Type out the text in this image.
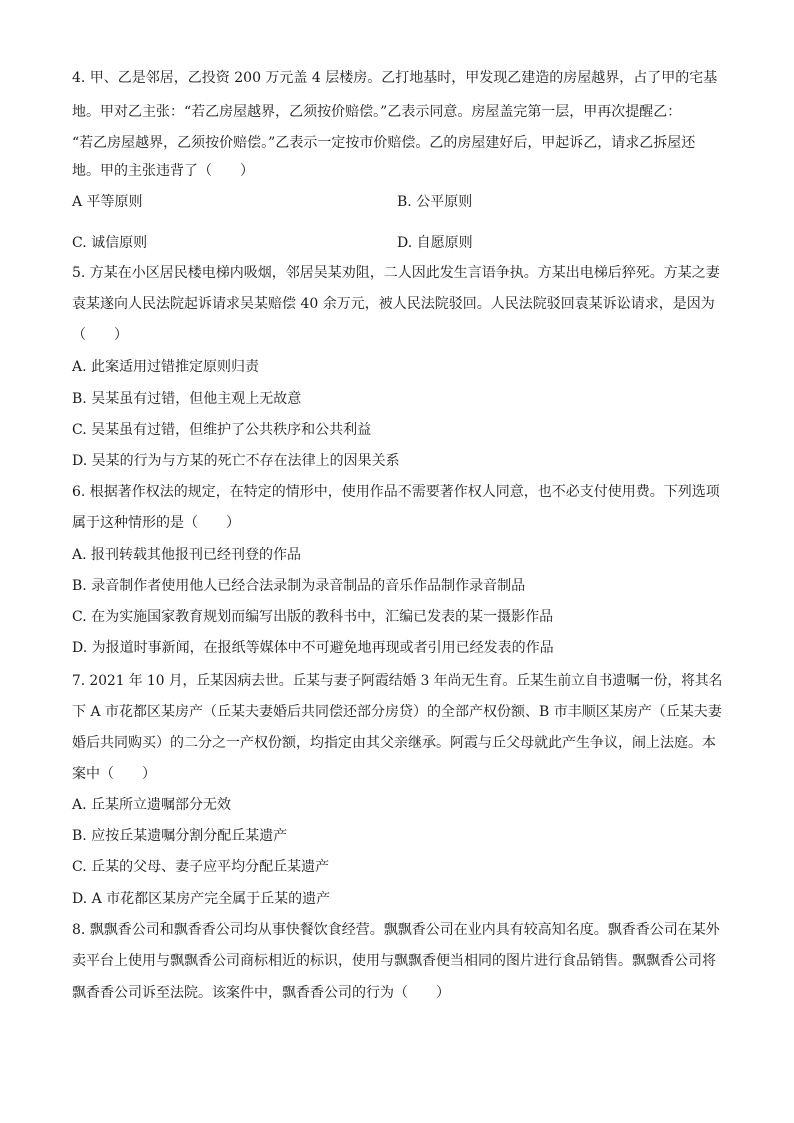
4. 甲、乙是邻居，乙投资 200 万元盖 4 层楼房。乙打地基时，甲发现乙建造的房屋越界，占了甲的宅基
地。甲对乙主张：“若乙房屋越界，乙须按价赔偿。”乙表示同意。房屋盖完第一层，甲再次提醒乙：
“若乙房屋越界，乙须按价赔偿。”乙表示一定按市价赔偿。乙的房屋建好后，甲起诉乙，请求乙拆屋还
地。甲的主张违背了（　　）
A 平等原则	B. 公平原则
C. 诚信原则	D. 自愿原则
5. 方某在小区居民楼电梯内吸烟，邻居吴某劝阻，二人因此发生言语争执。方某出电梯后猝死。方某之妻
袁某遂向人民法院起诉请求吴某赔偿 40 余万元，被人民法院驳回。人民法院驳回袁某诉讼请求，是因为
（　　）
A. 此案适用过错推定原则归责
B. 吴某虽有过错，但他主观上无故意
C. 吴某虽有过错，但维护了公共秩序和公共利益
D. 吴某的行为与方某的死亡不存在法律上的因果关系
6. 根据著作权法的规定，在特定的情形中，使用作品不需要著作权人同意，也不必支付使用费。下列选项
属于这种情形的是（　　）
A. 报刊转载其他报刊已经刊登的作品
B. 录音制作者使用他人已经合法录制为录音制品的音乐作品制作录音制品
C. 在为实施国家教育规划而编写出版的教科书中，汇编已发表的某一摄影作品
D. 为报道时事新闻，在报纸等媒体中不可避免地再现或者引用已经发表的作品
7. 2021 年 10 月，丘某因病去世。丘某与妻子阿霞结婚 3 年尚无生育。丘某生前立自书遗嘱一份，将其名
下 A 市花都区某房产（丘某夫妻婚后共同偿还部分房贷）的全部产权份额、B 市丰顺区某房产（丘某夫妻
婚后共同购买）的二分之一产权份额，均指定由其父亲继承。阿霞与丘父母就此产生争议，闹上法庭。本
案中（　　）
A. 丘某所立遗嘱部分无效
B. 应按丘某遗嘱分割分配丘某遗产
C. 丘某的父母、妻子应平均分配丘某遗产
D. A 市花都区某房产完全属于丘某的遗产
8. 飘飘香公司和飘香香公司均从事快餐饮食经营。飘飘香公司在业内具有较高知名度。飘香香公司在某外
卖平台上使用与飘飘香公司商标相近的标识，使用与飘飘香便当相同的图片进行食品销售。飘飘香公司将
飘香香公司诉至法院。该案件中，飘香香公司的行为（　　）
